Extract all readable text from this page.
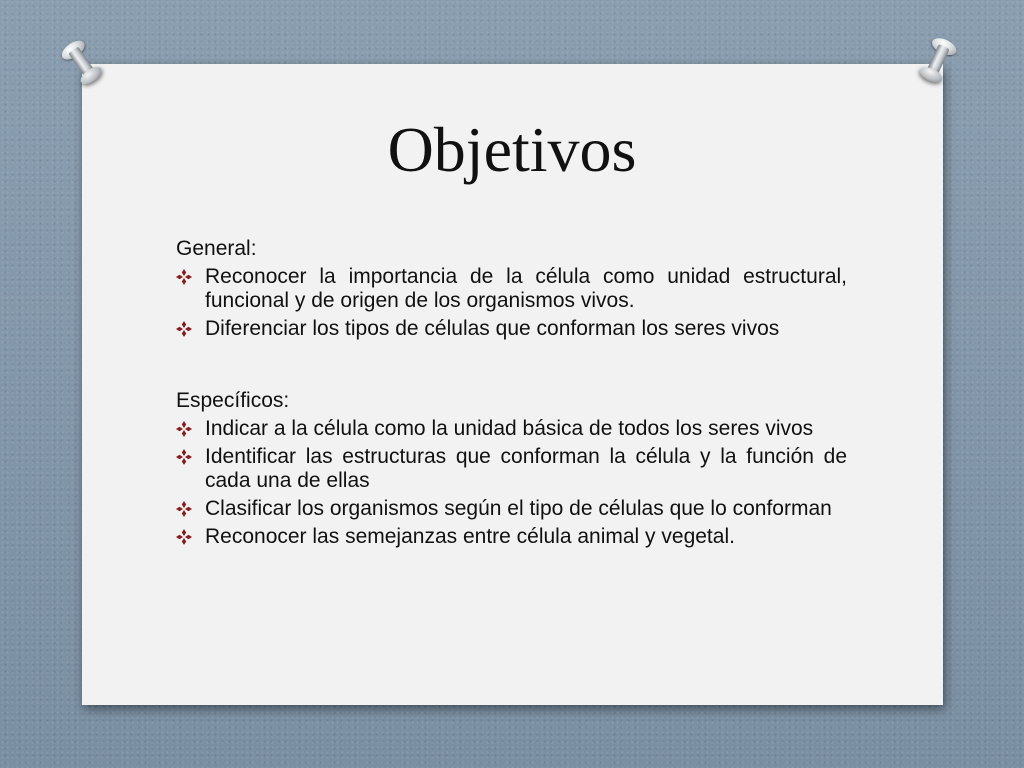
Objetivos
General:
Reconocer la importancia de la célula como unidad estructural, funcional y de origen de los organismos vivos.
Diferenciar los tipos de células que conforman los seres vivos
Específicos:
Indicar a la célula como la unidad básica de todos los seres vivos
Identificar las estructuras que conforman la célula y la función de cada una de ellas
Clasificar los organismos según el tipo de células que lo conforman
Reconocer las semejanzas entre célula animal y vegetal.
